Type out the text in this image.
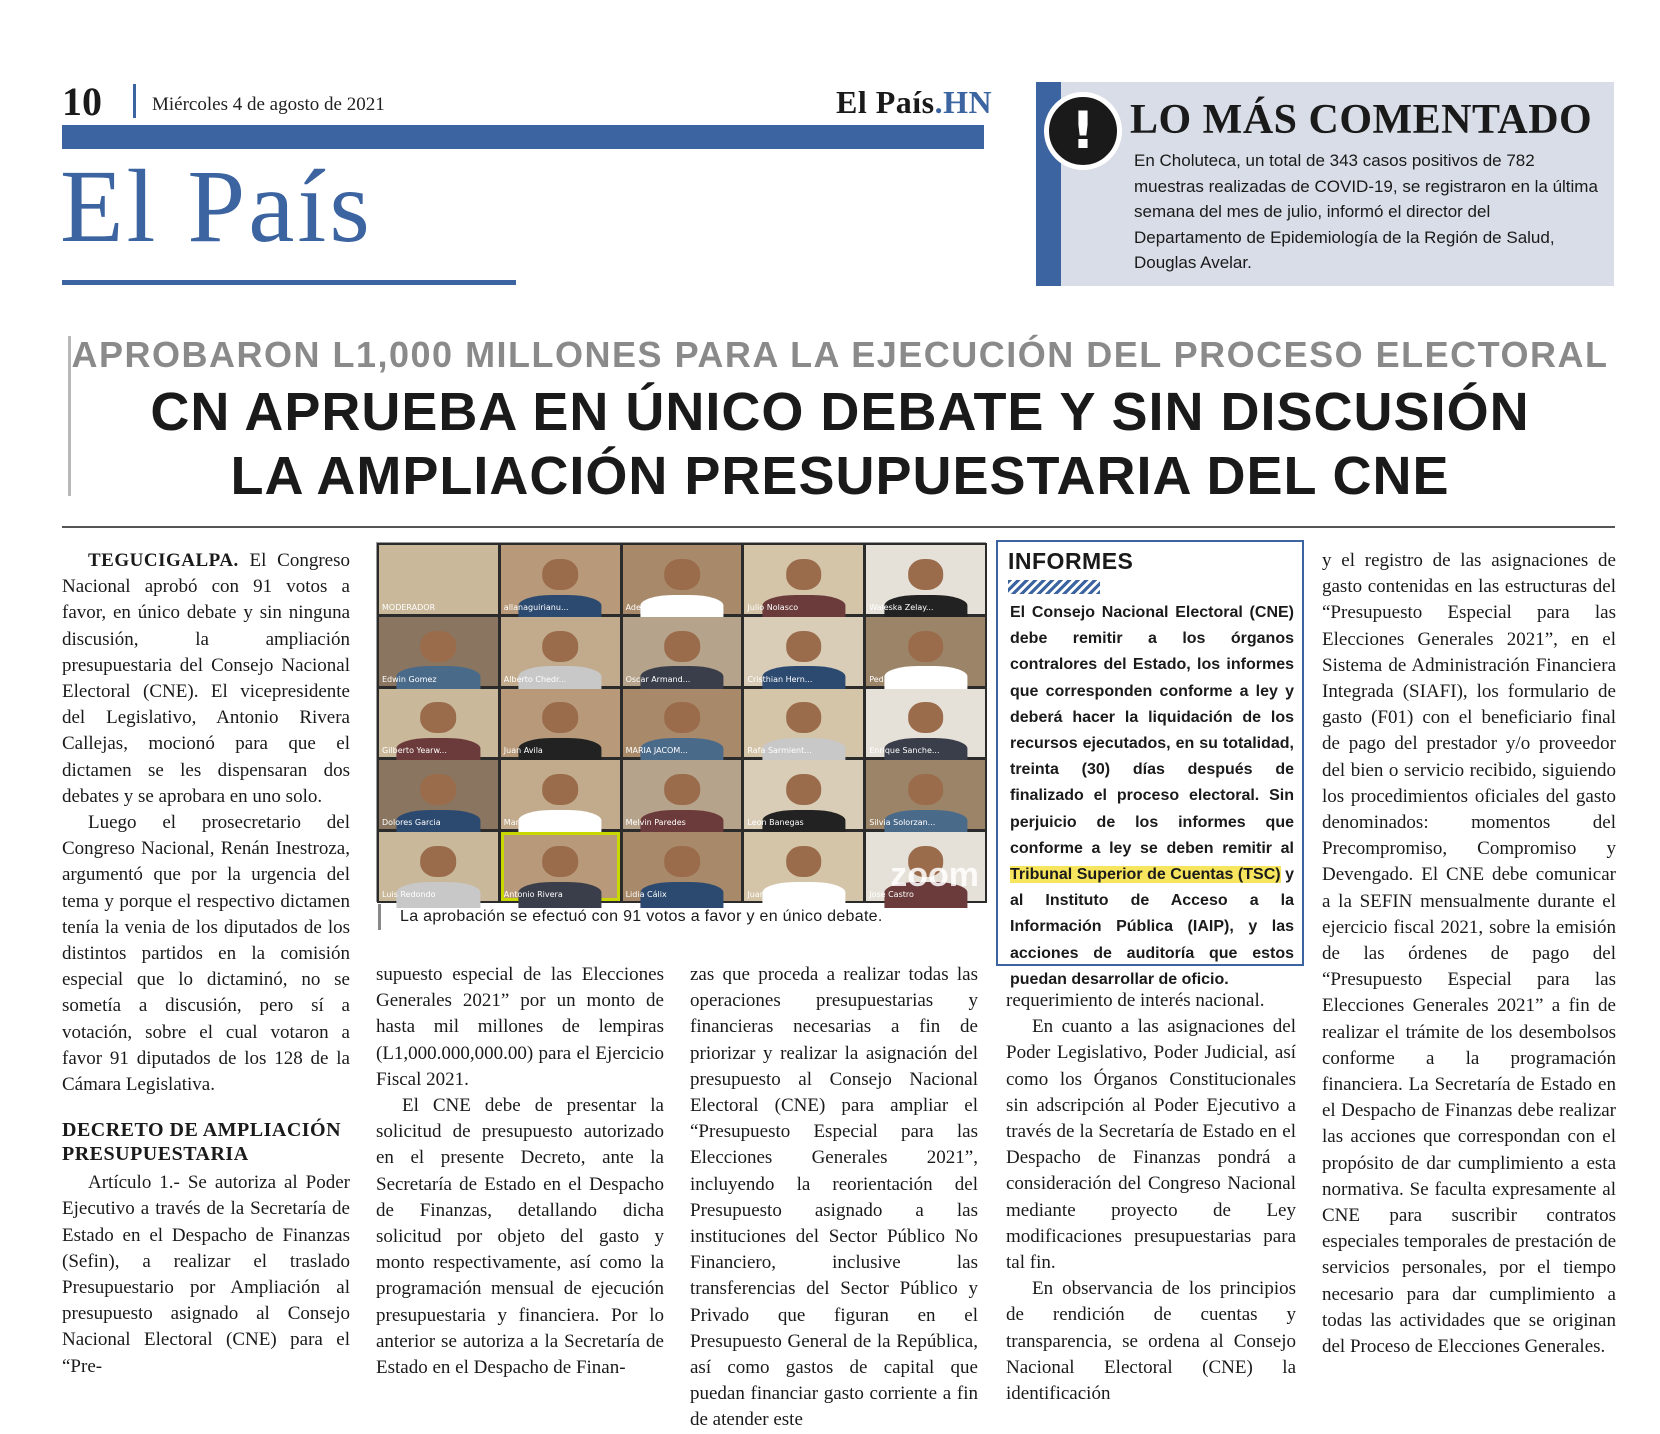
10	Miércoles 4 de agosto de 2021	El País.HN
El País
! LO MÁS COMENTADO
En Choluteca, un total de 343 casos positivos de 782 muestras realizadas de COVID-19, se registraron en la última semana del mes de julio, informó el director del Departamento de Epidemiología de la Región de Salud, Douglas Avelar.
APROBARON L1,000 MILLONES PARA LA EJECUCIÓN DEL PROCESO ELECTORAL
CN APRUEBA EN ÚNICO DEBATE Y SIN DISCUSIÓN
LA AMPLIACIÓN PRESUPUESTARIA DEL CNE

TEGUCIGALPA. El Congreso Nacional aprobó con 91 votos a favor, en único debate y sin ninguna discusión, la ampliación presupuestaria del Consejo Nacional Electoral (CNE). El vicepresidente del Legislativo, Antonio Rivera Callejas, mocionó para que el dictamen se les dispensaran dos debates y se aprobara en uno solo.

Luego el prosecretario del Congreso Nacional, Renán Inestroza, argumentó que por la urgencia del tema y porque el respectivo dictamen tenía la venia de los diputados de los distintos partidos en la comisión especial que lo dictaminó, no se sometía a discusión, pero sí a votación, sobre el cual votaron a favor 91 diputados de los 128 de la Cámara Legislativa.

DECRETO DE AMPLIACIÓN PRESUPUESTARIA

Artículo 1.- Se autoriza al Poder Ejecutivo a través de la Secretaría de Estado en el Despacho de Finanzas (Sefin), a realizar el traslado Presupuestario por Ampliación al presupuesto asignado al Consejo Nacional Electoral (CNE) para el “Pre-

MODERADOR	allanaguirianu...	Adela Martinez	Julio Nolasco	Waleska Zelay...
Edwin Gomez	Alberto Chedr...	Oscar Armand...	Cristhian Hern...	Pedro Fernánd...
Gilberto Yearw...	Juan Avila	MARIA JACOM...	Rafa Sarmient...	Enrique Sanche...
Dolores Garcia	Mario Segura	Melvin Paredes	Leon Banegas	Silvia Solorzan...
Luis Redondo	Antonio Rivera	Lidia Cálix	Juan Barahona	Jose Castro
zoom
La aprobación se efectuó con 91 votos a favor y en único debate.

supuesto especial de las Elecciones Generales 2021” por un monto de hasta mil millones de lempiras (L1,000.000,000.00) para el Ejercicio Fiscal 2021.

El CNE debe de presentar la solicitud de presupuesto autorizado en el presente Decreto, ante la Secretaría de Estado en el Despacho de Finanzas, detallando dicha solicitud por objeto del gasto y monto respectivamente, así como la programación mensual de ejecución presupuestaria y financiera. Por lo anterior se autoriza a la Secretaría de Estado en el Despacho de Finan-

zas que proceda a realizar todas las operaciones presupuestarias y financieras necesarias a fin de priorizar y realizar la asignación del presupuesto al Consejo Nacional Electoral (CNE) para ampliar el “Presupuesto Especial para las Elecciones Generales 2021”, incluyendo la reorientación del Presupuesto asignado a las instituciones del Sector Público No Financiero, inclusive las transferencias del Sector Público y Privado que figuran en el Presupuesto General de la República, así como gastos de capital que puedan financiar gasto corriente a fin de atender este

INFORMES
El Consejo Nacional Electoral (CNE) debe remitir a los órganos contralores del Estado, los informes que corresponden conforme a ley y deberá hacer la liquidación de los recursos ejecutados, en su totalidad, treinta (30) días después de finalizado el proceso electoral. Sin perjuicio de los informes que conforme a ley se deben remitir al Tribunal Superior de Cuentas (TSC) y al Instituto de Acceso a la Información Pública (IAIP), y las acciones de auditoría que estos puedan desarrollar de oficio.

requerimiento de interés nacional.

En cuanto a las asignaciones del Poder Legislativo, Poder Judicial, así como los Órganos Constitucionales sin adscripción al Poder Ejecutivo a través de la Secretaría de Estado en el Despacho de Finanzas pondrá a consideración del Congreso Nacional mediante proyecto de Ley modificaciones presupuestarias para tal fin.

En observancia de los principios de rendición de cuentas y transparencia, se ordena al Consejo Nacional Electoral (CNE) la identificación

y el registro de las asignaciones de gasto contenidas en las estructuras del “Presupuesto Especial para las Elecciones Generales 2021”, en el Sistema de Administración Financiera Integrada (SIAFI), los formulario de gasto (F01) con el beneficiario final de pago del prestador y/o proveedor del bien o servicio recibido, siguiendo los procedimientos oficiales del gasto denominados: momentos del Precompromiso, Compromiso y Devengado. El CNE debe comunicar a la SEFIN mensualmente durante el ejercicio fiscal 2021, sobre la emisión de las órdenes de pago del “Presupuesto Especial para las Elecciones Generales 2021” a fin de realizar el trámite de los desembolsos conforme a la programación financiera. La Secretaría de Estado en el Despacho de Finanzas debe realizar las acciones que correspondan con el propósito de dar cumplimiento a esta normativa. Se faculta expresamente al CNE para suscribir contratos especiales temporales de prestación de servicios personales, por el tiempo necesario para dar cumplimiento a todas las actividades que se originan del Proceso de Elecciones Generales.
